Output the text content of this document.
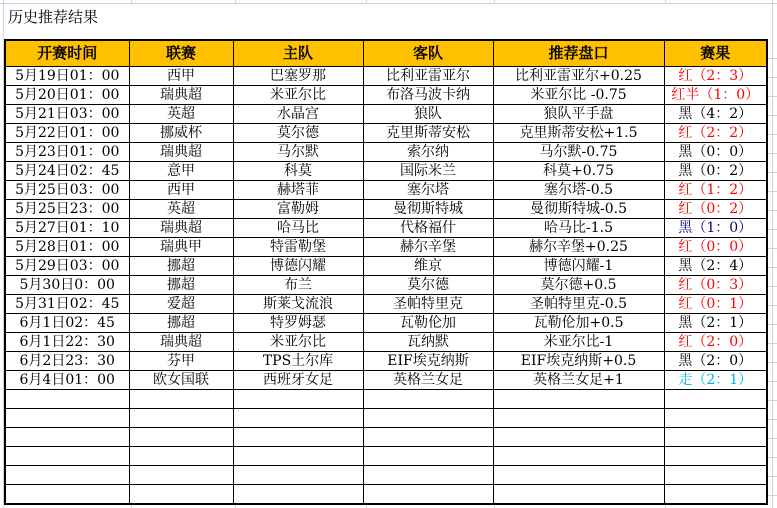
历史推荐结果
开赛时间	联赛	主队	客队	推荐盘口	赛果
5月19日01：00	西甲	巴塞罗那	比利亚雷亚尔	比利亚雷亚尔+0.25	红（2：3）
5月20日01：00	瑞典超	米亚尔比	布洛马波卡纳	米亚尔比 -0.75	红半（1：0）
5月21日03：00	英超	水晶宫	狼队	狼队平手盘	黑（4：2）
5月22日01：00	挪威杯	莫尔德	克里斯蒂安松	克里斯蒂安松+1.5	红（2：2）
5月23日01：00	瑞典超	马尔默	索尔纳	马尔默-0.75	黑（0：0）
5月24日02：45	意甲	科莫	国际米兰	科莫+0.75	黑（0：2）
5月25日03：00	西甲	赫塔菲	塞尔塔	塞尔塔-0.5	红（1：2）
5月25日23：00	英超	富勒姆	曼彻斯特城	曼彻斯特城-0.5	红（0：2）
5月27日01：10	瑞典超	哈马比	代格福什	哈马比-1.5	黑（1：0）
5月28日01：00	瑞典甲	特雷勒堡	赫尔辛堡	赫尔辛堡+0.25	红（0：0）
5月29日03：00	挪超	博德闪耀	维京	博德闪耀-1	黑（2：4）
5月30日0：00	挪超	布兰	莫尔德	莫尔德+0.5	红（0：3）
5月31日02：45	爱超	斯莱戈流浪	圣帕特里克	圣帕特里克-0.5	红（0：1）
6月1日02：45	挪超	特罗姆瑟	瓦勒伦加	瓦勒伦加+0.5	黑（2：1）
6月1日22：30	瑞典超	米亚尔比	瓦纳默	米亚尔比-1	红（2：0）
6月2日23：30	芬甲	TPS土尔库	EIF埃克纳斯	EIF埃克纳斯+0.5	黑（2：0）
6月4日01：00	欧女国联	西班牙女足	英格兰女足	英格兰女足+1	走（2：1）
